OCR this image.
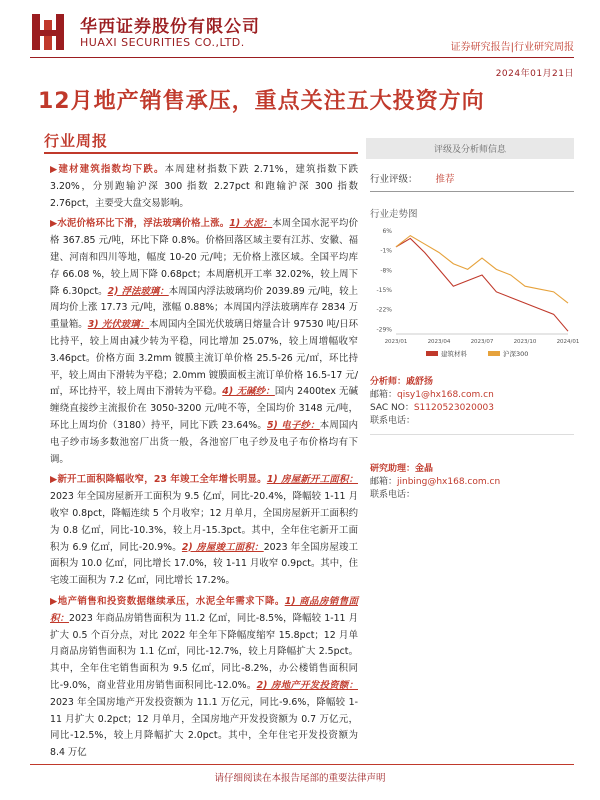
华西证券股份有限公司
HUAXI SECURITIES CO.,LTD.	证券研究报告|行业研究周报
2024年01月21日
12月地产销售承压，重点关注五大投资方向
行业周报
▶建材建筑指数均下跌。本周建材指数下跌 2.71%，建筑指数下跌 3.20%，分别跑输沪深 300 指数 2.27pct 和跑输沪深 300 指数 2.76pct，主要受大盘交易影响。
▶水泥价格环比下滑，浮法玻璃价格上涨。1) 水泥：本周全国水泥平均价格 367.85 元/吨，环比下降 0.8%。价格回落区域主要有江苏、安徽、福建、河南和四川等地，幅度 10-20 元/吨；无价格上涨区域。全国平均库存 66.08 %，较上周下降 0.68pct；本周磨机开工率 32.02%，较上周下降 6.30pct。2) 浮法玻璃：本周国内浮法玻璃均价 2039.89 元/吨，较上周均价上涨 17.73 元/吨，涨幅 0.88%；本周国内浮法玻璃库存 2834 万重量箱。3) 光伏玻璃：本周国内全国光伏玻璃日熔量合计 97530 吨/日环比持平，较上周由减少转为平稳，同比增加 25.07%，较上周增幅收窄 3.46pct。价格方面 3.2mm 镀膜主流订单价格 25.5-26 元/㎡，环比持平，较上周由下滑转为平稳；2.0mm 镀膜面板主流订单价格 16.5-17 元/㎡，环比持平，较上周由下滑转为平稳。4) 无碱纱：国内 2400tex 无碱缠绕直接纱主流报价在 3050-3200 元/吨不等，全国均价 3148 元/吨，环比上周均价（3180）持平，同比下跌 23.64%。5) 电子纱：本周国内电子纱市场多数池窑厂出货一般，各池窑厂电子纱及电子布价格均有下调。
▶新开工面积降幅收窄，23 年竣工全年增长明显。1) 房屋新开工面积：2023 年全国房屋新开工面积为 9.5 亿㎡，同比-20.4%，降幅较 1-11 月收窄 0.8pct，降幅连续 5 个月收窄；12 月单月，全国房屋新开工面积约为 0.8 亿㎡，同比-10.3%，较上月-15.3pct。其中，全年住宅新开工面积为 6.9 亿㎡，同比-20.9%。2) 房屋竣工面积：2023 年全国房屋竣工面积为 10.0 亿㎡，同比增长 17.0%，较 1-11 月收窄 0.9pct。其中，住宅竣工面积为 7.2 亿㎡，同比增长 17.2%。
▶地产销售和投资数据继续承压，水泥全年需求下降。1) 商品房销售面积：2023 年商品房销售面积为 11.2 亿㎡，同比-8.5%，降幅较 1-11 月扩大 0.5 个百分点，对比 2022 年全年下降幅度缩窄 15.8pct；12 月单月商品房销售面积为 1.1 亿㎡，同比-12.7%，较上月降幅扩大 2.5pct。其中，全年住宅销售面积为 9.5 亿㎡，同比-8.2%，办公楼销售面积同比-9.0%，商业营业用房销售面积同比-12.0%。2) 房地产开发投资额：2023 年全国房地产开发投资额为 11.1 万亿元，同比-9.6%，降幅较 1-11 月扩大 0.2pct；12 月单月，全国房地产开发投资额为 0.7 万亿元，同比-12.5%，较上月降幅扩大 2.0pct。其中，全年住宅开发投资额为 8.4 万亿
评级及分析师信息
行业评级： 推荐
行业走势图
6%
-1%
-8%
-15%
-22%
-29%
2023/01	2023/04	2023/07	2023/10	2024/01
建筑材料	沪深300
分析师：戚舒扬
邮箱：qisy1@hx168.com.cn
SAC NO：S1120523020003
联系电话：
研究助理：金晶
邮箱：jinbing@hx168.com.cn
联系电话：
请仔细阅读在本报告尾部的重要法律声明
